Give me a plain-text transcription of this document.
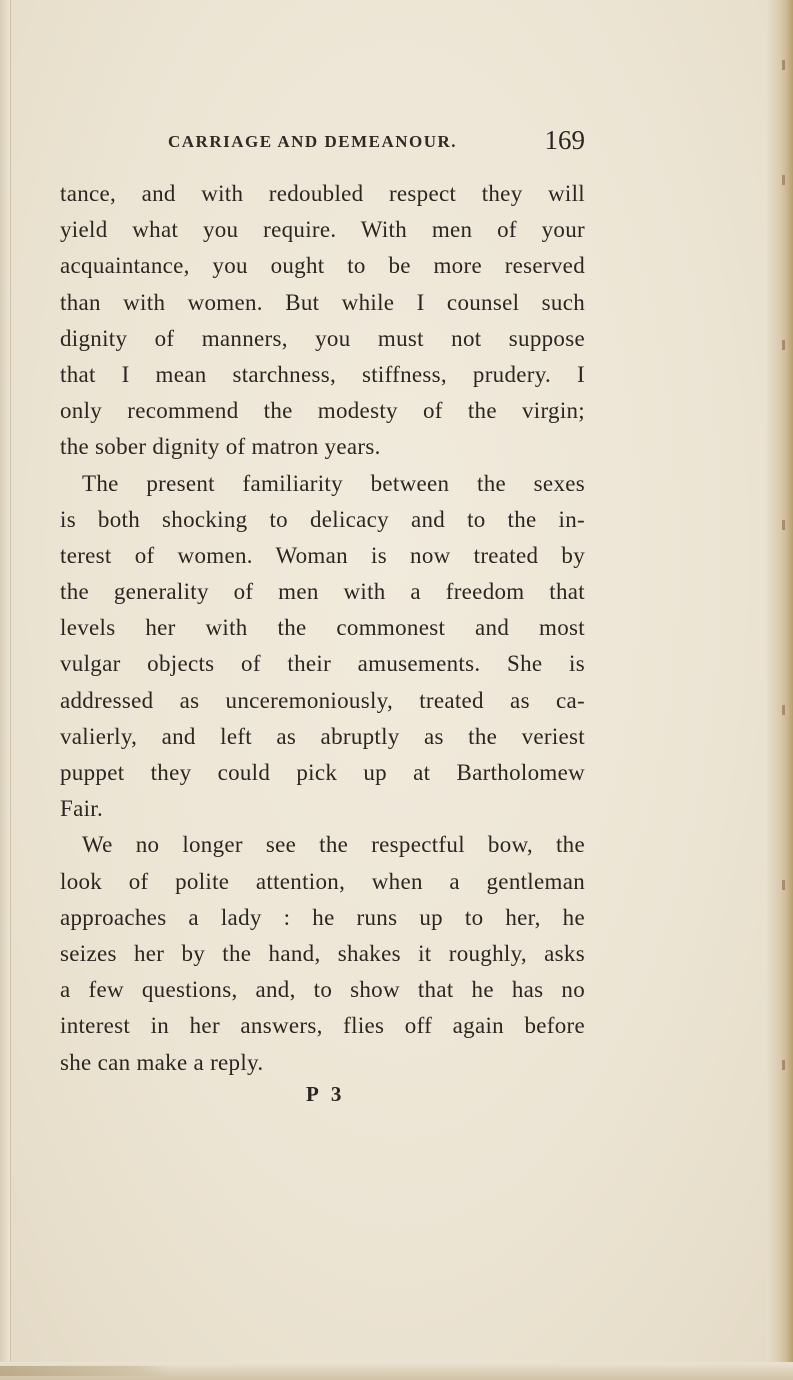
CARRIAGE AND DEMEANOUR.	169
tance, and with redoubled respect they will
yield what you require. With men of your
acquaintance, you ought to be more reserved
than with women. But while I counsel such
dignity of manners, you must not suppose
that I mean starchness, stiffness, prudery. I
only recommend the modesty of the virgin;
the sober dignity of matron years.
The present familiarity between the sexes
is both shocking to delicacy and to the in-
terest of women. Woman is now treated by
the generality of men with a freedom that
levels her with the commonest and most
vulgar objects of their amusements. She is
addressed as unceremoniously, treated as ca-
valierly, and left as abruptly as the veriest
puppet they could pick up at Bartholomew
Fair.
We no longer see the respectful bow, the
look of polite attention, when a gentleman
approaches a lady : he runs up to her, he
seizes her by the hand, shakes it roughly, asks
a few questions, and, to show that he has no
interest in her answers, flies off again before
she can make a reply.
P 3
